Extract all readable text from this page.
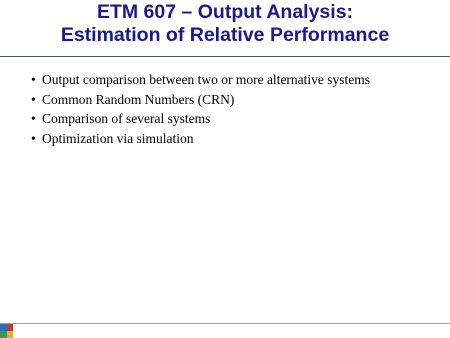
ETM 607 – Output Analysis:
Estimation of Relative Performance
• Output comparison between two or more alternative systems
• Common Random Numbers (CRN)
• Comparison of several systems
• Optimization via simulation
